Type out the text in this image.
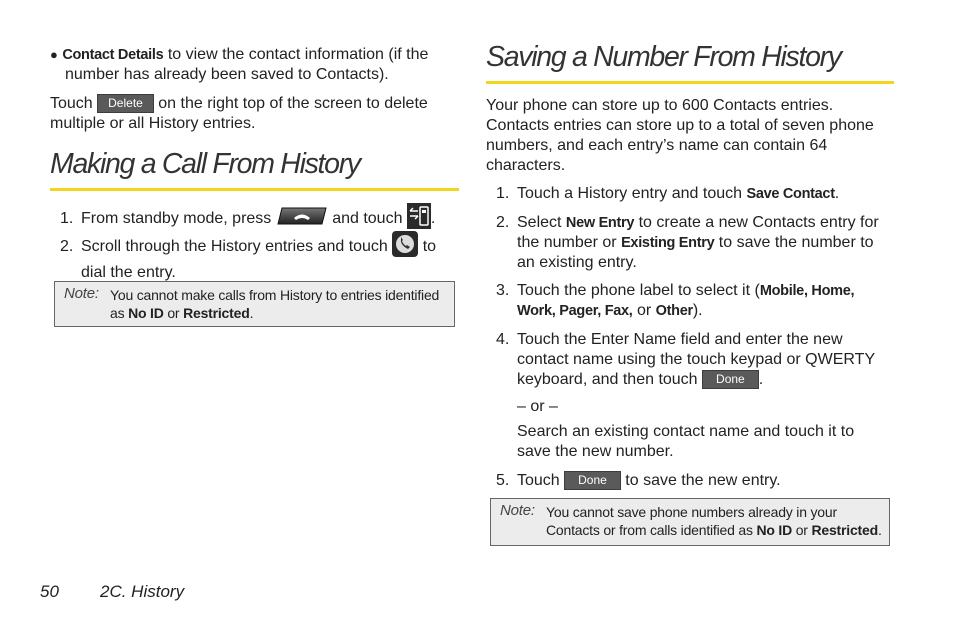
● Contact Details to view the contact information (if the
number has already been saved to Contacts).
Touch Delete on the right top of the screen to delete
multiple or all History entries.
Making a Call From History
1. From standby mode, press	and touch .
2. Scroll through the History entries and touch  to
dial the entry.
Note: You cannot make calls from History to entries identified
as No ID or Restricted.
Saving a Number From History
Your phone can store up to 600 Contacts entries.
Contacts entries can store up to a total of seven phone
numbers, and each entry’s name can contain 64
characters.
1. Touch a History entry and touch Save Contact.
2. Select New Entry to create a new Contacts entry for
the number or Existing Entry to save the number to
an existing entry.
3. Touch the phone label to select it (Mobile, Home,
Work, Pager, Fax, or Other).
4. Touch the Enter Name field and enter the new
contact name using the touch keypad or QWERTY
keyboard, and then touch Done .
– or –
Search an existing contact name and touch it to
save the new number.
5. Touch Done to save the new entry.
Note: You cannot save phone numbers already in your
Contacts or from calls identified as No ID or Restricted.
50 2C. History
